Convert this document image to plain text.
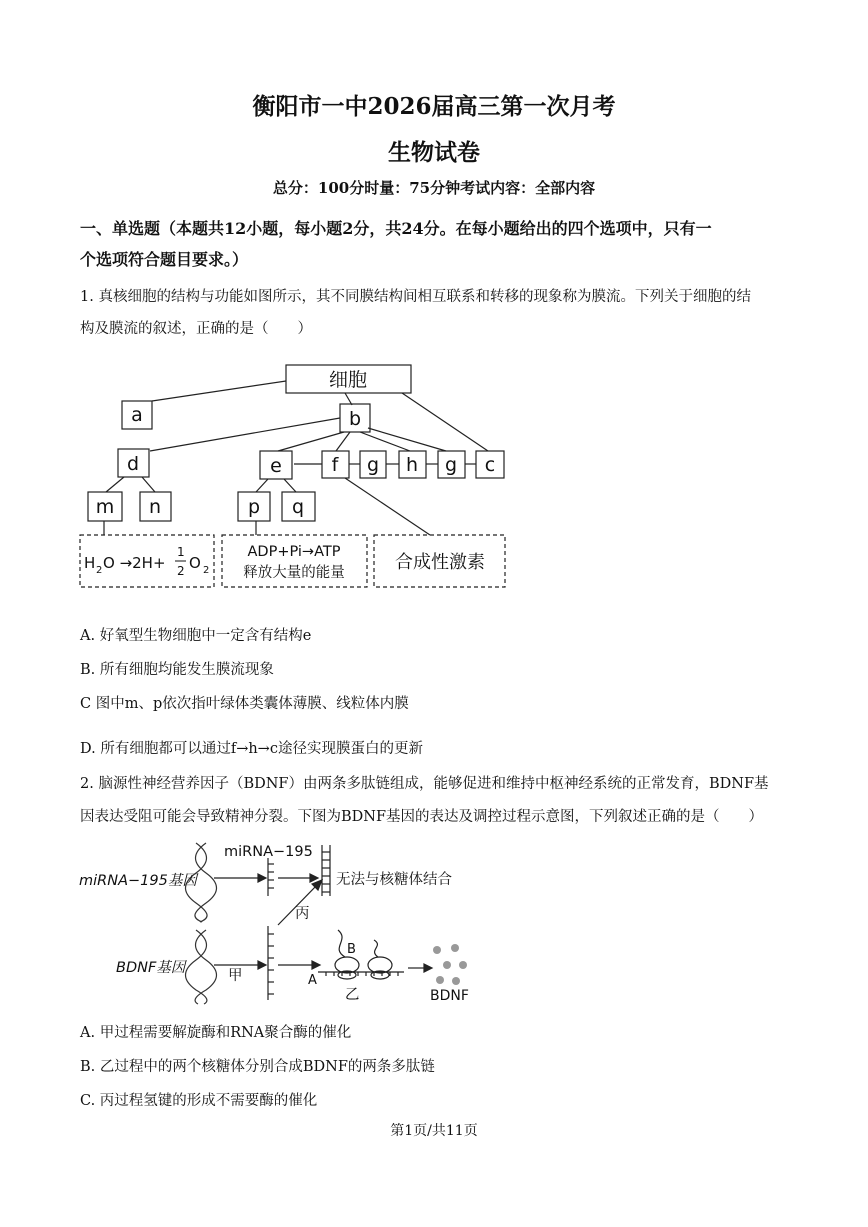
衡阳市一中2026届高三第一次月考
生物试卷
总分：100分时量：75分钟考试内容：全部内容
一、单选题（本题共12小题，每小题2分，共24分。在每小题给出的四个选项中，只有一
个选项符合题目要求。）
1. 真核细胞的结构与功能如图所示，其不同膜结构间相互联系和转移的现象称为膜流。下列关于细胞的结
构及膜流的叙述，正确的是（　　）
细胞
a	b
d	e	f g h g c
m n	p q
H 2 O →2H+
1
2 O 2
ADP+Pi→ATP
释放大量的能量	合成性激素
A. 好氧型生物细胞中一定含有结构e
B. 所有细胞均能发生膜流现象
C 图中m、p依次指叶绿体类囊体薄膜、线粒体内膜
D. 所有细胞都可以通过f→h→c途径实现膜蛋白的更新
2. 脑源性神经营养因子（BDNF）由两条多肽链组成，能够促进和维持中枢神经系统的正常发育，BDNF基
因表达受阻可能会导致精神分裂。下图为BDNF基因的表达及调控过程示意图，下列叙述正确的是（　　）
miRNA−195基因
miRNA−195
无法与核糖体结合
丙
BDNF基因	甲	A
B
乙	BDNF
A. 甲过程需要解旋酶和RNA聚合酶的催化
B. 乙过程中的两个核糖体分别合成BDNF的两条多肽链
C. 丙过程氢键的形成不需要酶的催化
第1页/共11页
